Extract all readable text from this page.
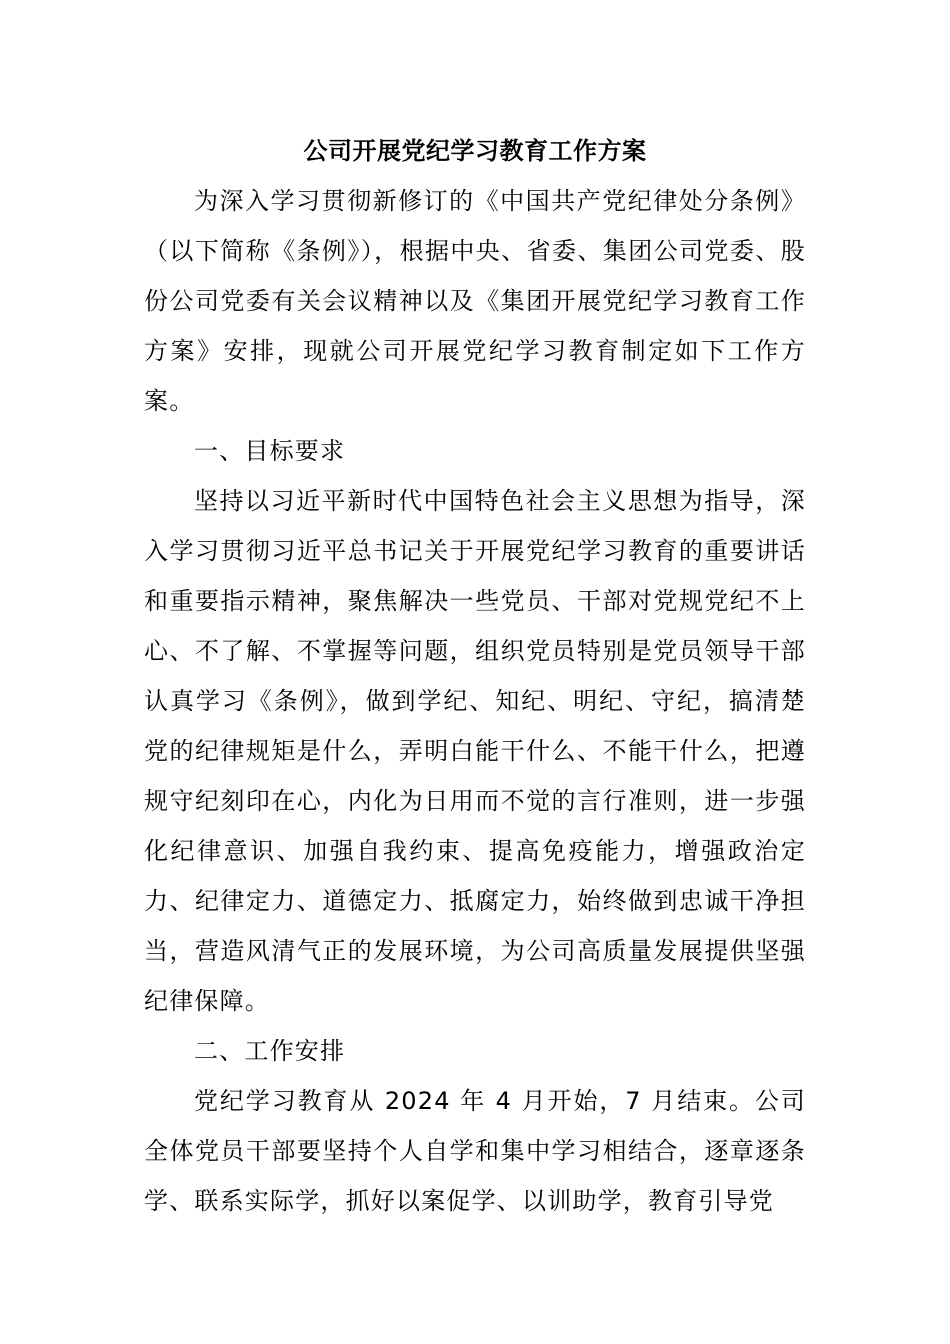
公司开展党纪学习教育工作方案

为深入学习贯彻新修订的《中国共产党纪律处分条例》（以下简称《条例》），根据中央、省委、集团公司党委、股份公司党委有关会议精神以及《集团开展党纪学习教育工作方案》安排，现就公司开展党纪学习教育制定如下工作方案。

一、目标要求

坚持以习近平新时代中国特色社会主义思想为指导，深入学习贯彻习近平总书记关于开展党纪学习教育的重要讲话和重要指示精神，聚焦解决一些党员、干部对党规党纪不上心、不了解、不掌握等问题，组织党员特别是党员领导干部认真学习《条例》，做到学纪、知纪、明纪、守纪，搞清楚党的纪律规矩是什么，弄明白能干什么、不能干什么，把遵规守纪刻印在心，内化为日用而不觉的言行准则，进一步强化纪律意识、加强自我约束、提高免疫能力，增强政治定力、纪律定力、道德定力、抵腐定力，始终做到忠诚干净担当，营造风清气正的发展环境，为公司高质量发展提供坚强纪律保障。

二、工作安排

党纪学习教育从 2024 年 4 月开始，7 月结束。公司全体党员干部要坚持个人自学和集中学习相结合，逐章逐条学、联系实际学，抓好以案促学、以训助学，教育引导党
